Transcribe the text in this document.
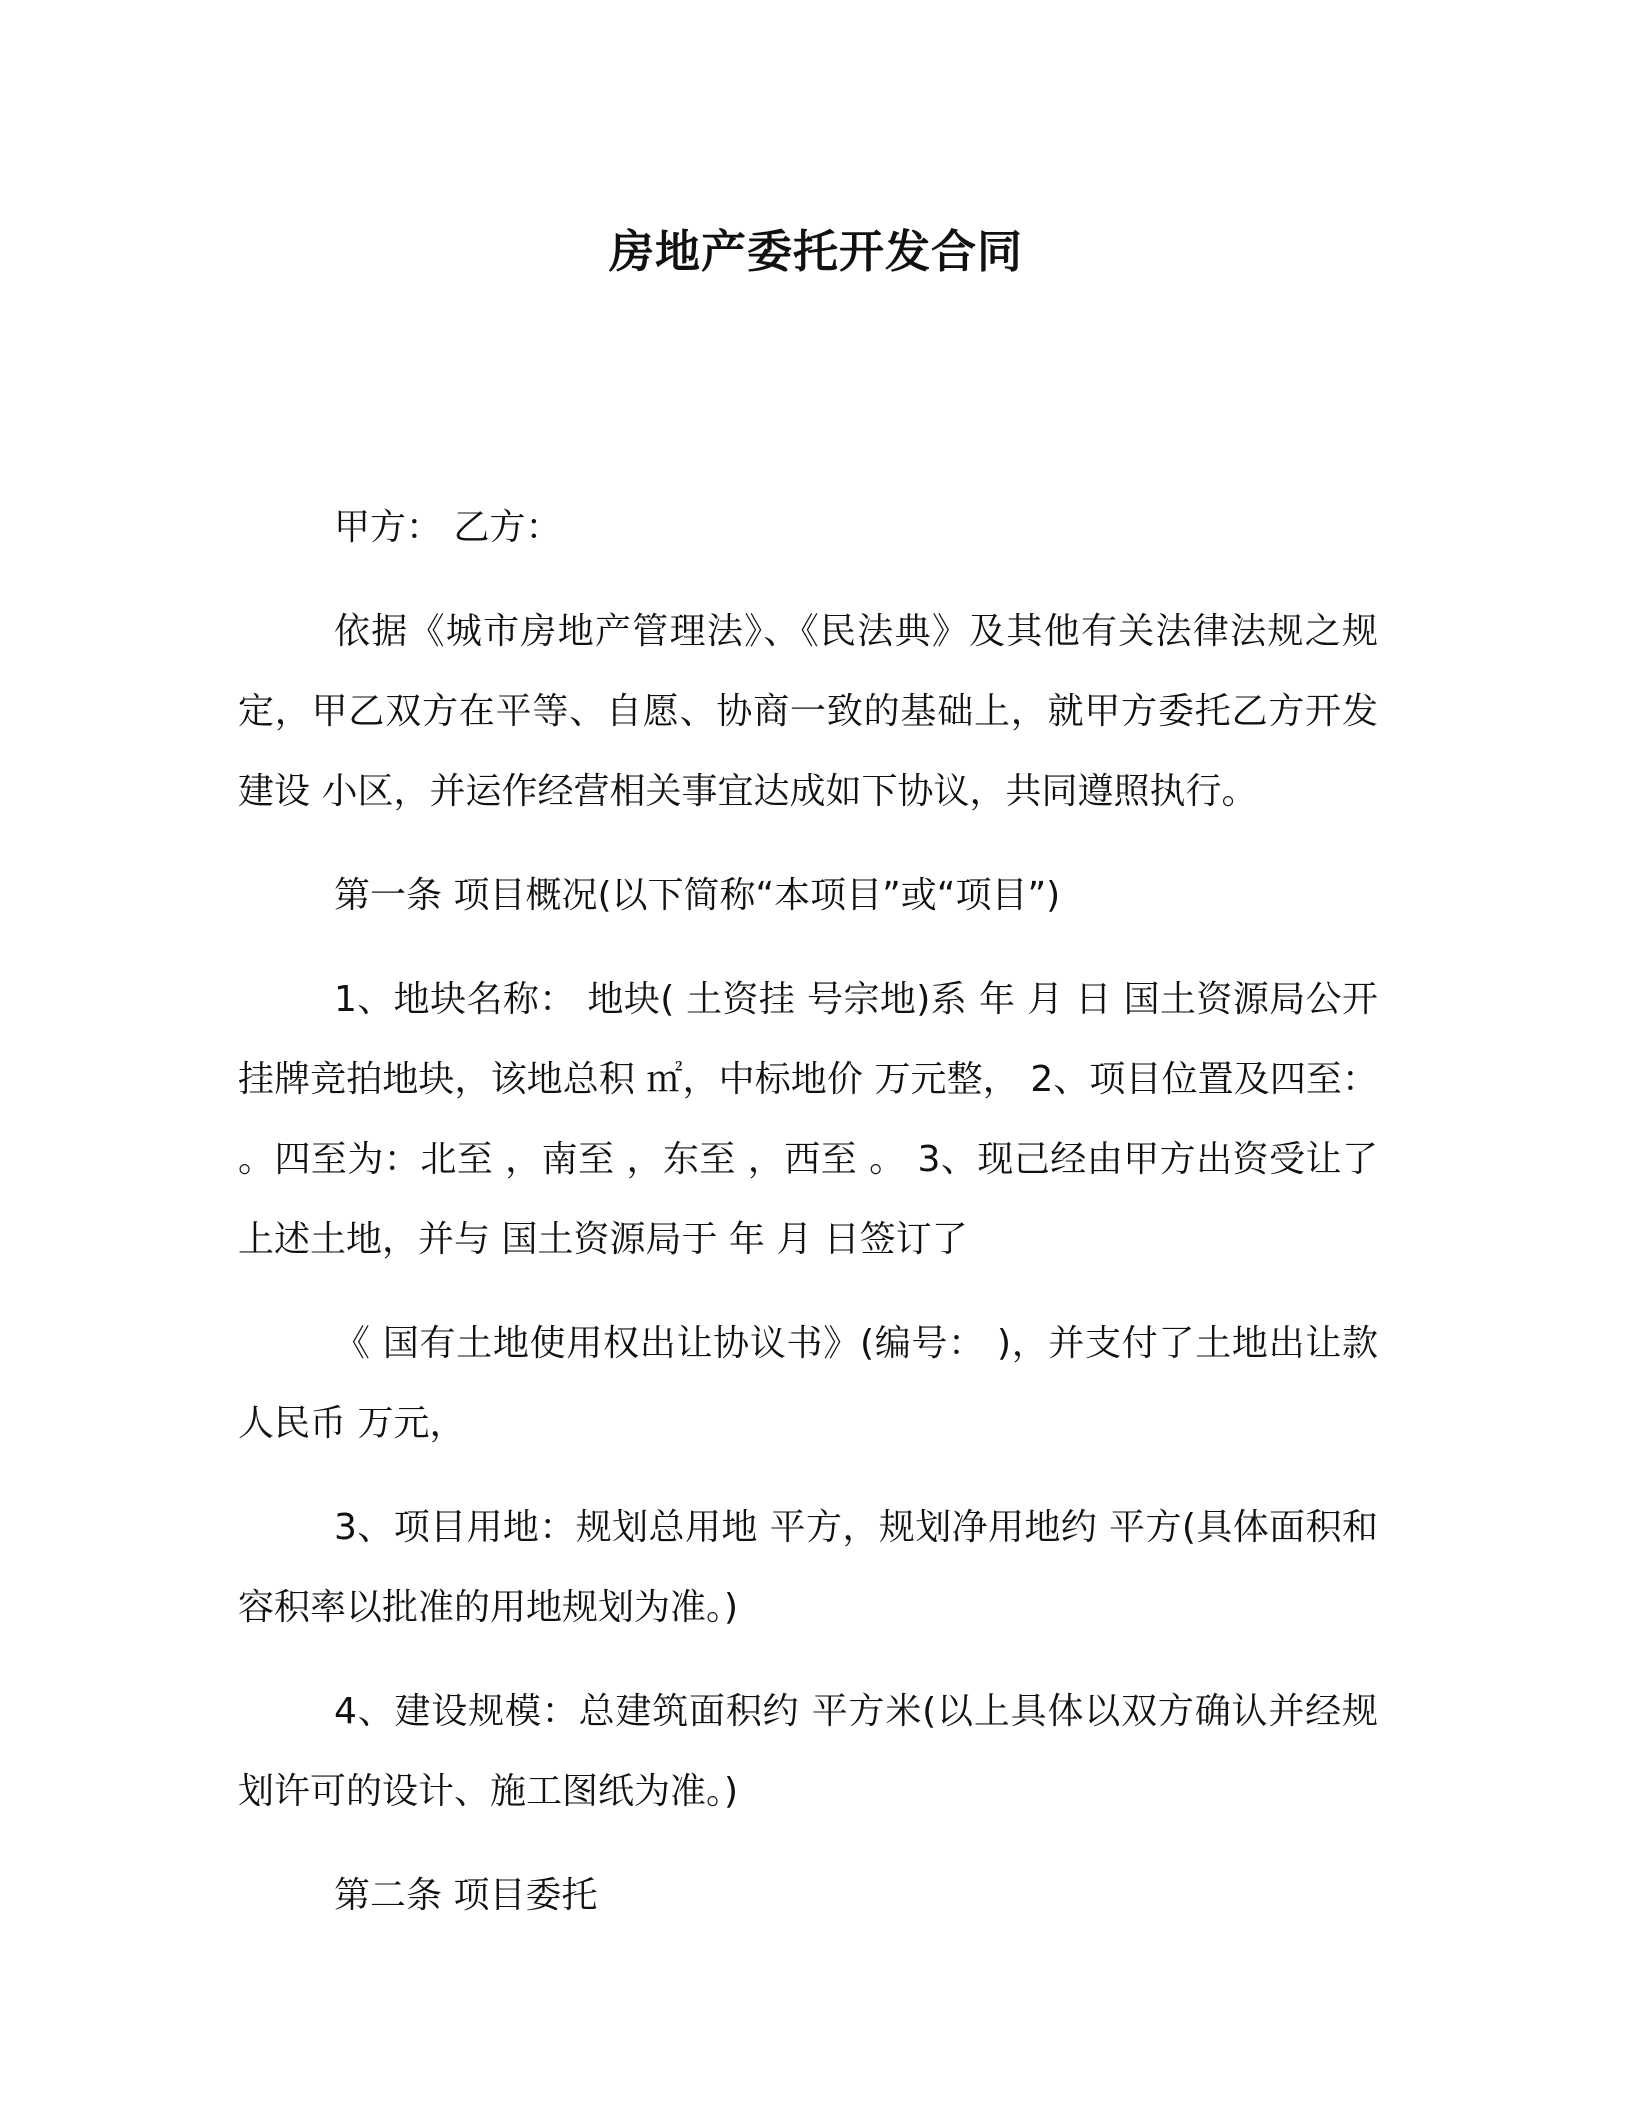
房地产委托开发合同

甲方： 乙方：

依据《城市房地产管理法》、《民法典》及其他有关法律法规之规定，甲乙双方在平等、自愿、协商一致的基础上，就甲方委托乙方开发建设 小区，并运作经营相关事宜达成如下协议，共同遵照执行。

第一条 项目概况(以下简称“本项目”或“项目”)

1、地块名称： 地块( 土资挂 号宗地)系 年 月 日 国土资源局公开挂牌竞拍地块，该地总积 ㎡，中标地价 万元整， 2、项目位置及四至： 。四至为：北至 ，南至 ，东至 ，西至 。 3、现己经由甲方出资受让了上述土地，并与 国土资源局于 年 月 日签订了

《 国有土地使用权出让协议书》(编号： )，并支付了土地出让款人民币 万元，

3、项目用地：规划总用地 平方，规划净用地约 平方(具体面积和容积率以批准的用地规划为准。)

4、建设规模：总建筑面积约 平方米(以上具体以双方确认并经规划许可的设计、施工图纸为准。)

第二条 项目委托
